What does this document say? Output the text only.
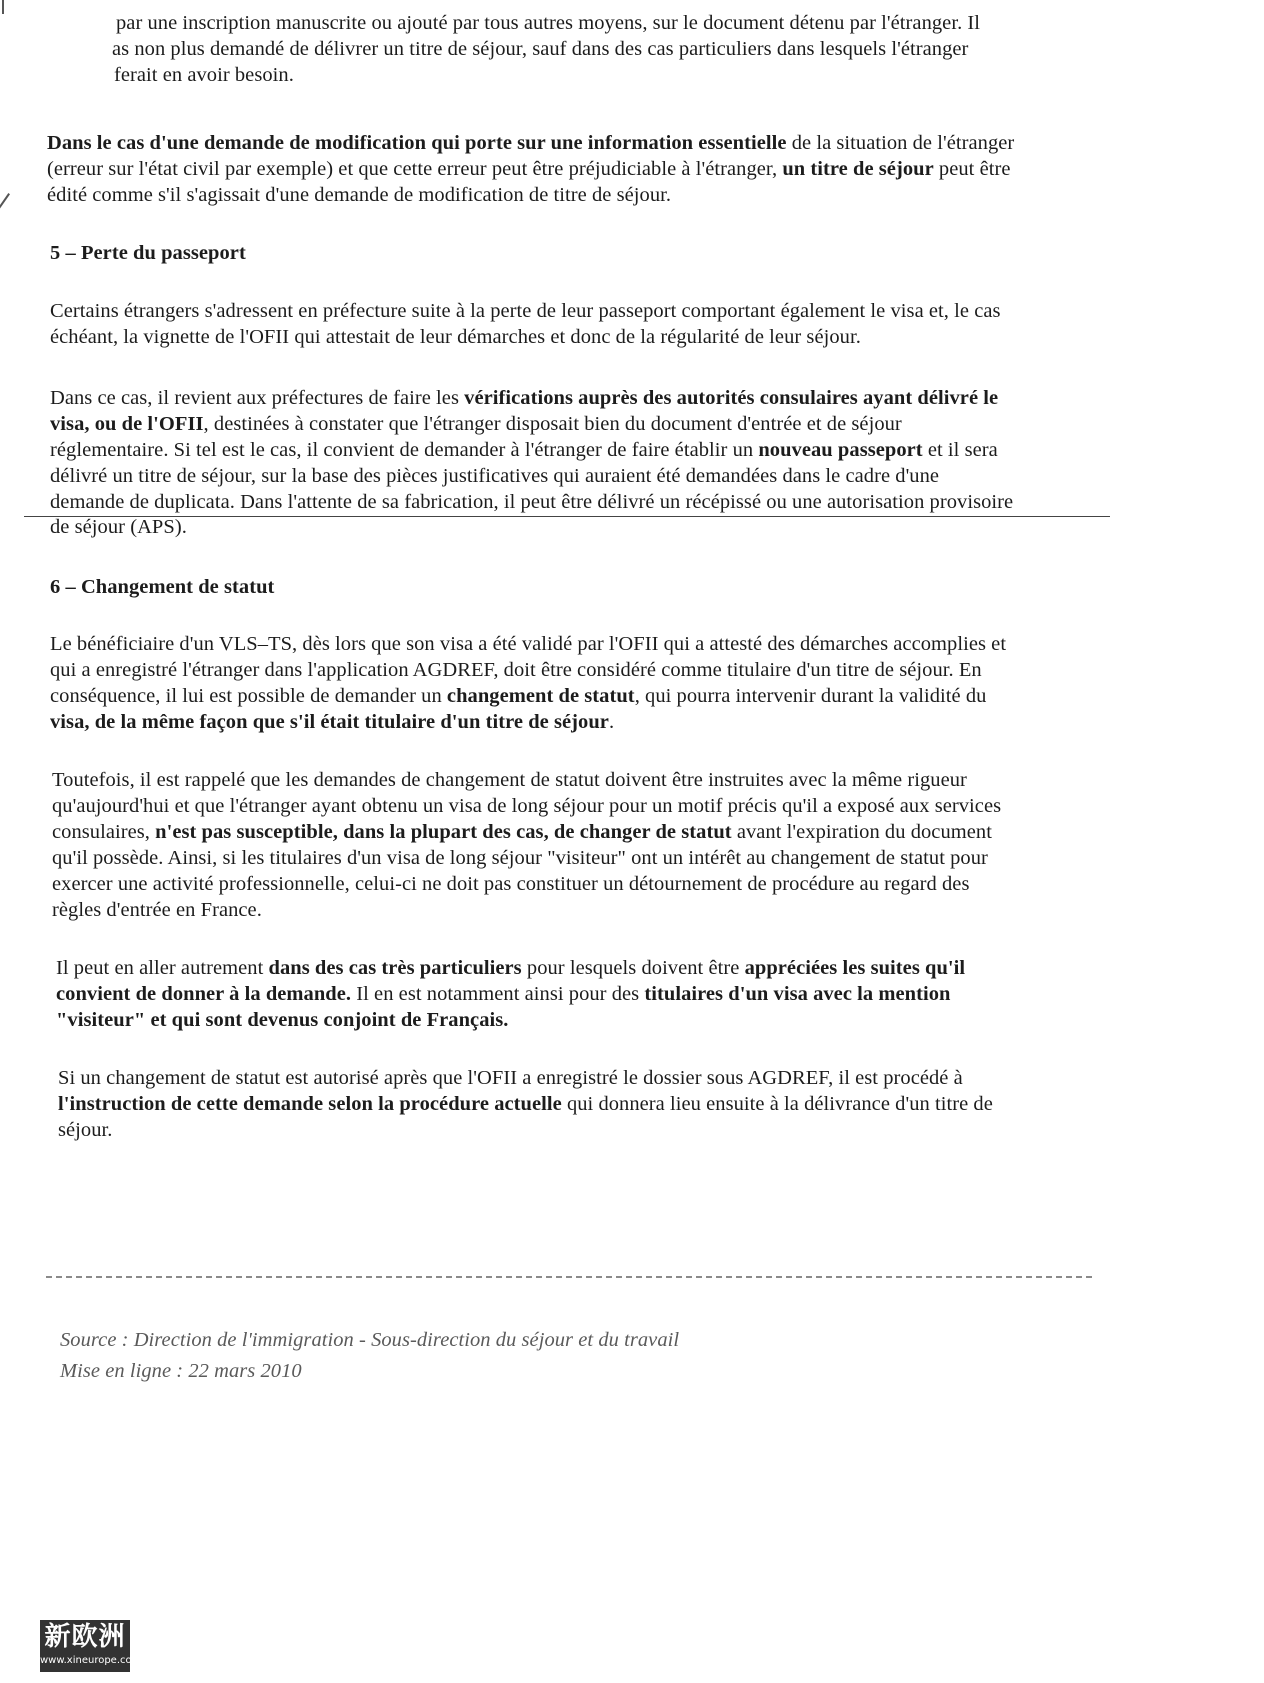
par une inscription manuscrite ou ajouté par tous autres moyens, sur le document détenu par l'étranger. Il
as non plus demandé de délivrer un titre de séjour, sauf dans des cas particuliers dans lesquels l'étranger
ferait en avoir besoin.
Dans le cas d'une demande de modification qui porte sur une information essentielle de la situation de l'étranger
(erreur sur l'état civil par exemple) et que cette erreur peut être préjudiciable à l'étranger, un titre de séjour peut être
édité comme s'il s'agissait d'une demande de modification de titre de séjour.
5 – Perte du passeport
Certains étrangers s'adressent en préfecture suite à la perte de leur passeport comportant également le visa et, le cas
échéant, la vignette de l'OFII qui attestait de leur démarches et donc de la régularité de leur séjour.
Dans ce cas, il revient aux préfectures de faire les vérifications auprès des autorités consulaires ayant délivré le
visa, ou de l'OFII, destinées à constater que l'étranger disposait bien du document d'entrée et de séjour
réglementaire. Si tel est le cas, il convient de demander à l'étranger de faire établir un nouveau passeport et il sera
délivré un titre de séjour, sur la base des pièces justificatives qui auraient été demandées dans le cadre d'une
demande de duplicata. Dans l'attente de sa fabrication, il peut être délivré un récépissé ou une autorisation provisoire
de séjour (APS).
6 – Changement de statut
Le bénéficiaire d'un VLS–TS, dès lors que son visa a été validé par l'OFII qui a attesté des démarches accomplies et
qui a enregistré l'étranger dans l'application AGDREF, doit être considéré comme titulaire d'un titre de séjour. En
conséquence, il lui est possible de demander un changement de statut, qui pourra intervenir durant la validité du
visa, de la même façon que s'il était titulaire d'un titre de séjour.
Toutefois, il est rappelé que les demandes de changement de statut doivent être instruites avec la même rigueur
qu'aujourd'hui et que l'étranger ayant obtenu un visa de long séjour pour un motif précis qu'il a exposé aux services
consulaires, n'est pas susceptible, dans la plupart des cas, de changer de statut avant l'expiration du document
qu'il possède. Ainsi, si les titulaires d'un visa de long séjour "visiteur" ont un intérêt au changement de statut pour
exercer une activité professionnelle, celui-ci ne doit pas constituer un détournement de procédure au regard des
règles d'entrée en France.
Il peut en aller autrement dans des cas très particuliers pour lesquels doivent être appréciées les suites qu'il
convient de donner à la demande. Il en est notamment ainsi pour des titulaires d'un visa avec la mention
"visiteur" et qui sont devenus conjoint de Français.
Si un changement de statut est autorisé après que l'OFII a enregistré le dossier sous AGDREF, il est procédé à
l'instruction de cette demande selon la procédure actuelle qui donnera lieu ensuite à la délivrance d'un titre de
séjour.
Source : Direction de l'immigration - Sous-direction du séjour et du travail
Mise en ligne : 22 mars 2010
新欧洲
www.xineurope.com
